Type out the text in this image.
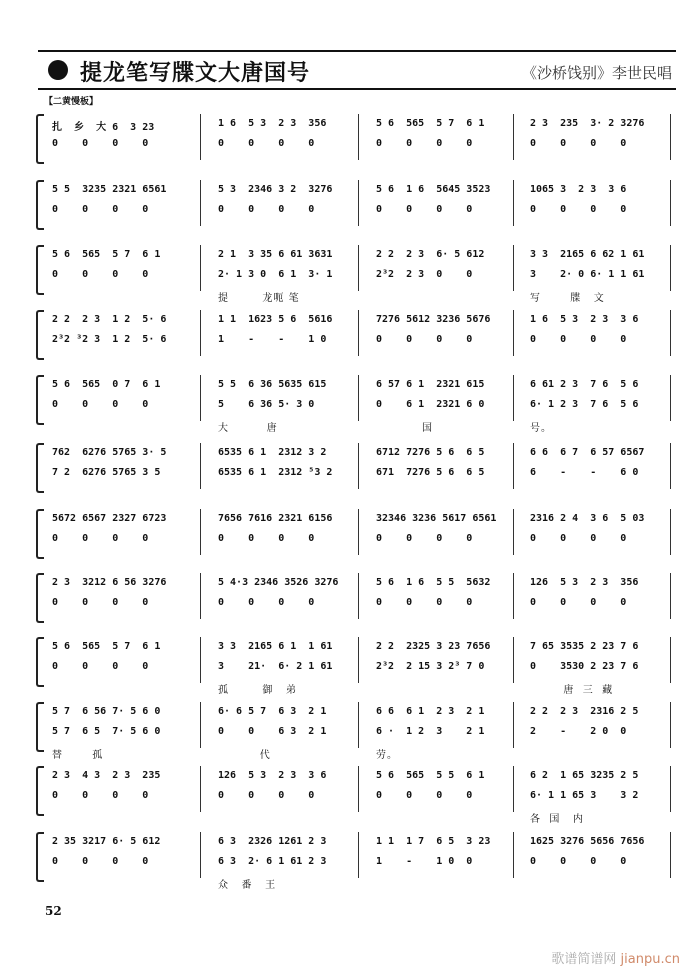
提龙笔写牒文大唐国号	《沙桥饯别》李世民唱
【二黄慢板】
扎  乡  大 6  3 23	1 6  5 3  2 3  356	5 6  565  5 7  6 1	2 3  235  3· 2 3276
0    0    0    0	0    0    0    0	0    0    0    0	0    0    0    0
5 5  3235 2321 6561	5 3  2346 3 2  3276	5 6  1 6  5645 3523	1065 3  2 3  3 6
0    0    0    0	0    0    0    0	0    0    0    0	0    0    0    0
5 6  565  5 7  6 1	2 1  3 35 6 61 3631	2 2  2 3  6· 5 612	3 3  2165 6 62 1 61
0    0    0    0	2· 1 3 0  6 1  3· 1	2³2  2 3  0    0	3    2· 0 6· 1 1 61
提        龙呃 笔	写       牒   文
2 2  2 3  1 2  5· 6	1 1  1623 5 6  5616	7276 5612 3236 5676	1 6  5 3  2 3  3 6
2³2 ³2 3  1 2  5· 6	1    -    -    1 0	0    0    0    0	0    0    0    0
5 6  565  0 7  6 1	5 5  6 36 5635 615	6 57 6 1  2321 615	6 61 2 3  7 6  5 6
0    0    0    0	5    6 36 5· 3 0	0    6 1  2321 6 0	6· 1 2 3  7 6  5 6
大         唐	国	号。
762  6276 5765 3· 5	6535 6 1  2312 3 2	6712 7276 5 6  6 5	6 6  6 7  6 57 6567
7 2  6276 5765 3 5	6535 6 1  2312 ⁵3 2	671  7276 5 6  6 5	6    -    -    6 0
5672 6567 2327 6723	7656 7616 2321 6156	32346 3236 5617 6561	2316 2 4  3 6  5 03
0    0    0    0	0    0    0    0	0    0    0    0	0    0    0    0
2 3  3212 6 56 3276	5 4·3 2346 3526 3276	5 6  1 6  5 5  5632	126  5 3  2 3  356
0    0    0    0	0    0    0    0	0    0    0    0	0    0    0    0
5 6  565  5 7  6 1	3 3  2165 6 1  1 61	2 2  2325 3 23 7656	7 65 3535 2 23 7 6
0    0    0    0	3    21·  6· 2 1 61	2³2  2 15 3 2³ 7 0	0    3530 2 23 7 6
孤        御   弟	唐  三  藏
5 7  6 56 7· 5 6 0	6· 6 5 7  6 3  2 1	6 6  6 1  2 3  2 1	2 2  2 3  2316 2 5
5 7  6 5  7· 5 6 0	0    0    6 3  2 1	6 ·  1 2  3    2 1	2    -    2 0  0
替       孤	代	劳。
2 3  4 3  2 3  235	126  5 3  2 3  3 6	5 6  565  5 5  6 1	6 2  1 65 3235 2 5
0    0    0    0	0    0    0    0	0    0    0    0	6· 1 1 65 3    3 2
各  国   内
2 35 3217 6· 5 612	6 3  2326 1261 2 3	1 1  1 7  6 5  3 23	1625 3276 5656 7656
0    0    0    0	6 3  2· 6 1 61 2 3	1    -    1 0  0	0    0    0    0
众   番   王
52
歌谱简谱网 jianpu.cn
